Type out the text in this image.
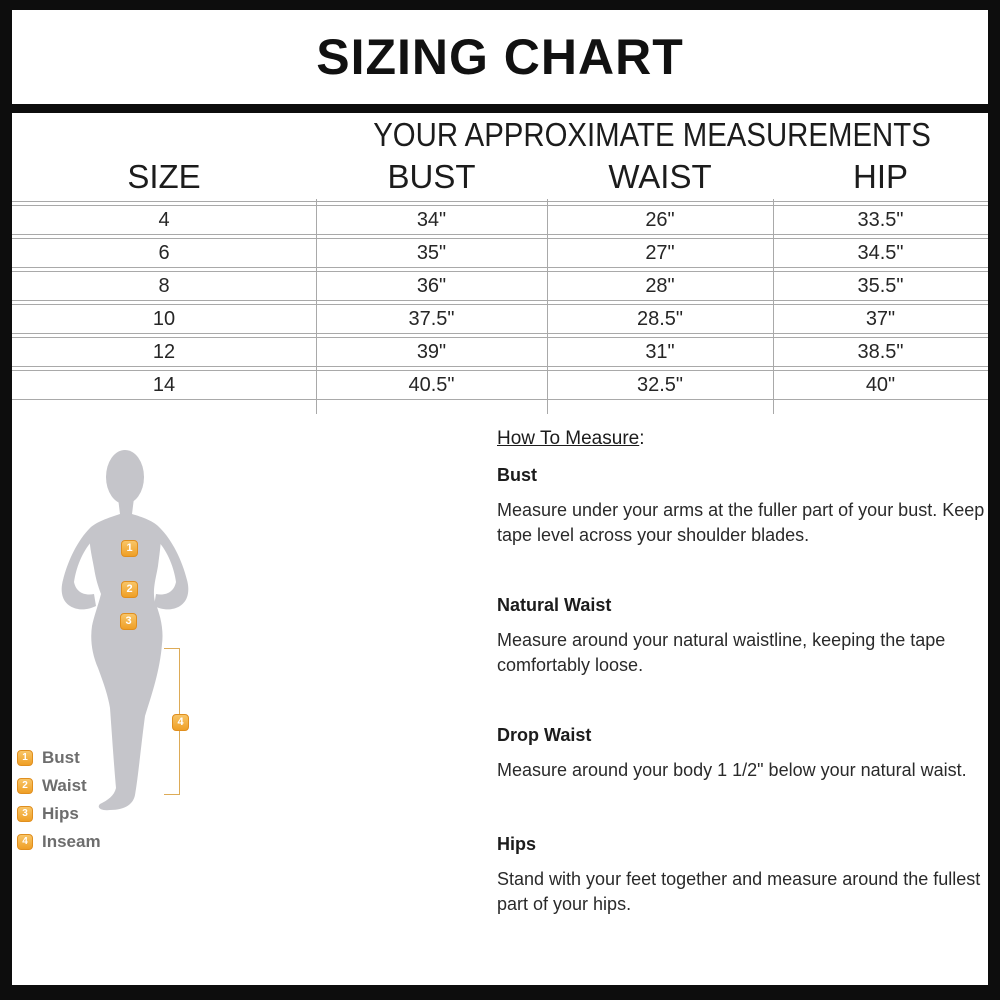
SIZING CHART
YOUR APPROXIMATE MEASUREMENTS
SIZE	BUST	WAIST	HIP
4	34"	26"	33.5"
6	35"	27"	34.5"
8	36"	28"	35.5"
10	37.5"	28.5"	37"
12	39"	31"	38.5"
14	40.5"	32.5"	40"
1
2
3
4
1 Bust
2 Waist
3 Hips
4 Inseam
How To Measure:
Bust

Measure under your arms at the fuller part of your bust. Keep tape level across your shoulder blades.

Natural Waist

Measure around your natural waistline, keeping the tape comfortably loose.

Drop Waist

Measure around your body 1 1/2" below your natural waist.

Hips

Stand with your feet together and measure around the fullest part of your hips.
